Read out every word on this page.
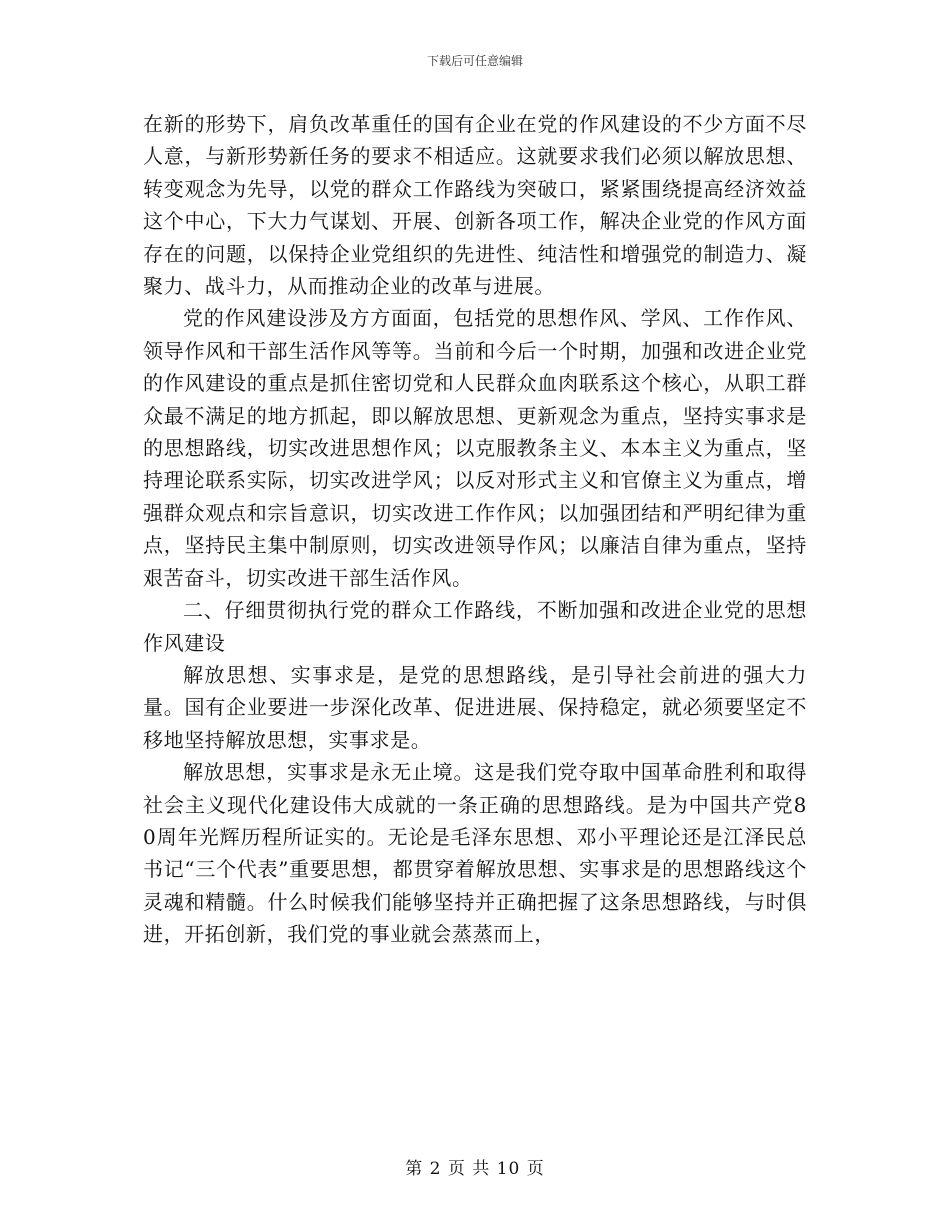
下载后可任意编辑

在新的形势下，肩负改革重任的国有企业在党的作风建设的不少方面不尽人意，与新形势新任务的要求不相适应。这就要求我们必须以解放思想、转变观念为先导，以党的群众工作路线为突破口，紧紧围绕提高经济效益这个中心，下大力气谋划、开展、创新各项工作，解决企业党的作风方面存在的问题，以保持企业党组织的先进性、纯洁性和增强党的制造力、凝聚力、战斗力，从而推动企业的改革与进展。

党的作风建设涉及方方面面，包括党的思想作风、学风、工作作风、领导作风和干部生活作风等等。当前和今后一个时期，加强和改进企业党的作风建设的重点是抓住密切党和人民群众血肉联系这个核心，从职工群众最不满足的地方抓起，即以解放思想、更新观念为重点，坚持实事求是的思想路线，切实改进思想作风；以克服教条主义、本本主义为重点，坚持理论联系实际，切实改进学风；以反对形式主义和官僚主义为重点，增强群众观点和宗旨意识，切实改进工作作风；以加强团结和严明纪律为重点，坚持民主集中制原则，切实改进领导作风；以廉洁自律为重点，坚持艰苦奋斗，切实改进干部生活作风。

二、仔细贯彻执行党的群众工作路线，不断加强和改进企业党的思想作风建设

解放思想、实事求是，是党的思想路线，是引导社会前进的强大力量。国有企业要进一步深化改革、促进进展、保持稳定，就必须要坚定不移地坚持解放思想，实事求是。

解放思想，实事求是永无止境。这是我们党夺取中国革命胜利和取得社会主义现代化建设伟大成就的一条正确的思想路线。是为中国共产党80周年光辉历程所证实的。无论是毛泽东思想、邓小平理论还是江泽民总书记“三个代表”重要思想，都贯穿着解放思想、实事求是的思想路线这个灵魂和精髓。什么时候我们能够坚持并正确把握了这条思想路线，与时俱进，开拓创新，我们党的事业就会蒸蒸而上，

第 2 页 共 10 页
